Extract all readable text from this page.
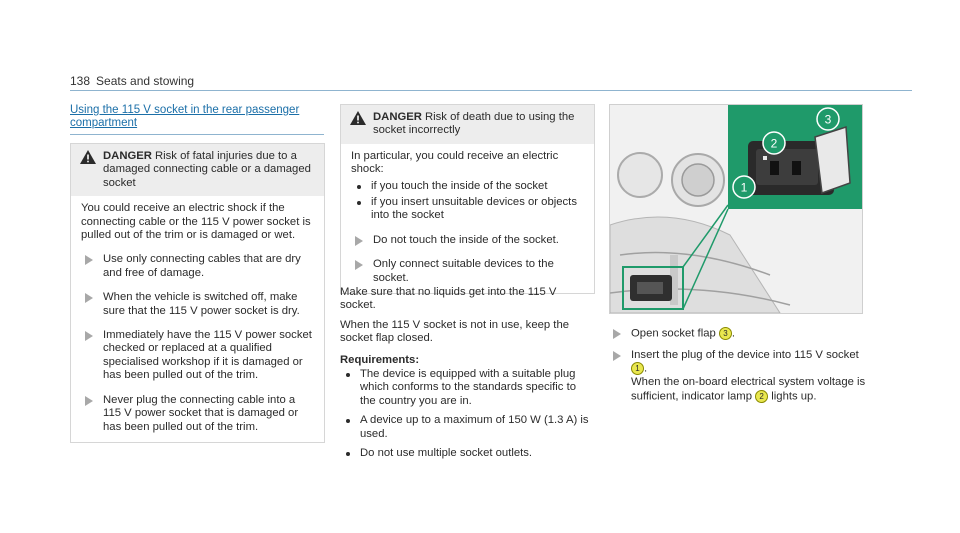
138 Seats and stowing
Using the 115 V socket in the rear passenger compartment
DANGER Risk of fatal injuries due to a damaged connecting cable or a damaged socket

You could receive an electric shock if the connecting cable or the 115 V power socket is pulled out of the trim or is damaged or wet.

Use only connecting cables that are dry and free of damage.
When the vehicle is switched off, make sure that the 115 V power socket is dry.
Immediately have the 115 V power socket checked or replaced at a qualified specialised workshop if it is damaged or has been pulled out of the trim.
Never plug the connecting cable into a 115 V power socket that is damaged or has been pulled out of the trim.
DANGER Risk of death due to using the socket incorrectly

In particular, you could receive an electric shock:

if you touch the inside of the socket
if you insert unsuitable devices or objects into the socket
Do not touch the inside of the socket.
Only connect suitable devices to the socket.

Make sure that no liquids get into the 115 V socket.

When the 115 V socket is not in use, keep the socket flap closed.

Requirements:

The device is equipped with a suitable plug which conforms to the standards specific to the country you are in.
A device up to a maximum of 150 W (1.3 A) is used.
Do not use multiple socket outlets.
1
2
3
Open socket flap 3 .
Insert the plug of the device into 115 V socket
1 .
When the on-board electrical system voltage is sufficient, indicator lamp 2 lights up.
